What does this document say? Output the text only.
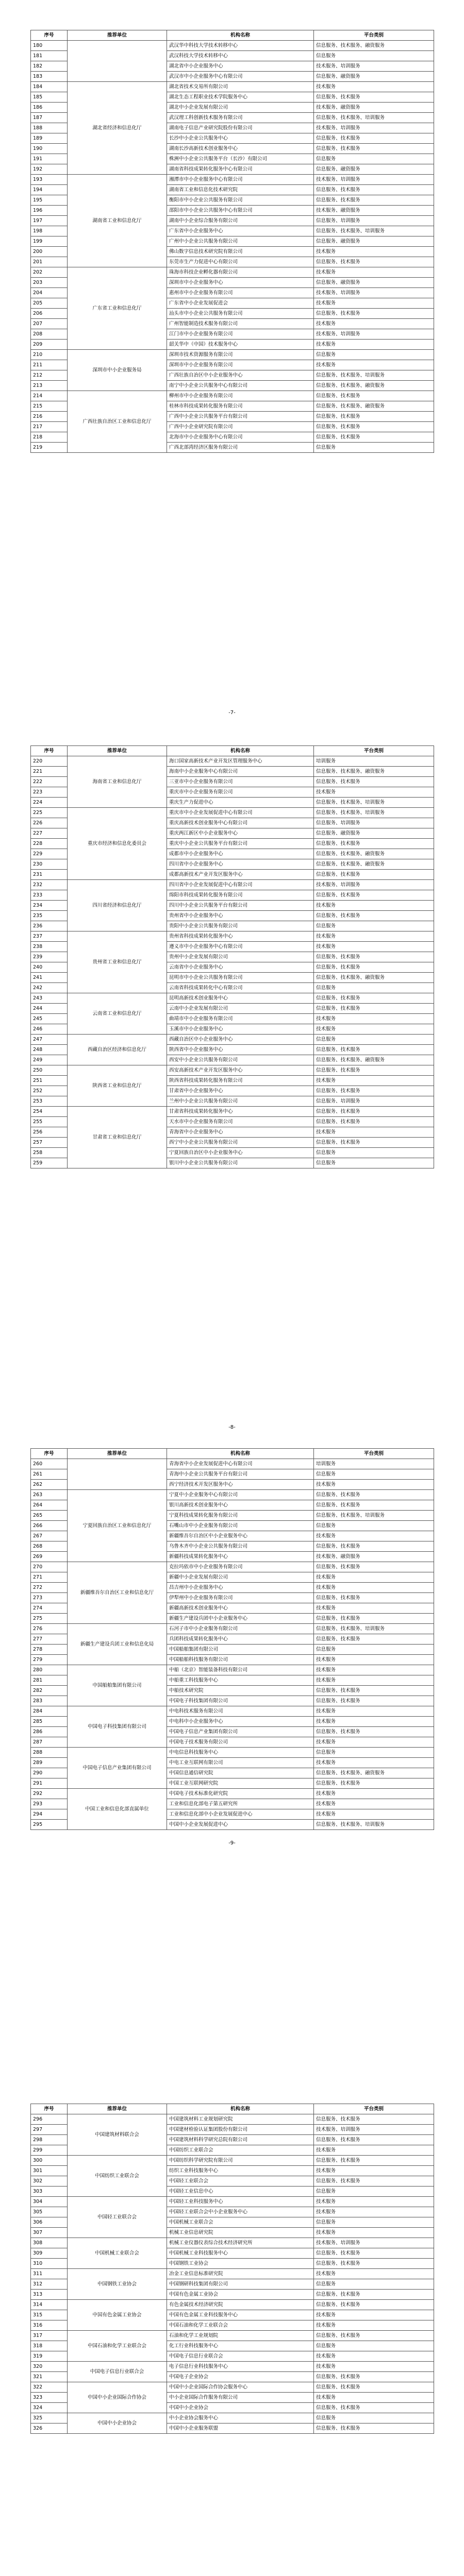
序号	推荐单位	机构名称	平台类别
180		武汉华中科技大学技术转移中心	信息服务、技术服务、融资服务
181		武汉科技大学技术转移中心	信息服务
182		湖北省中小企业服务中心	技术服务、培训服务
183		武汉市中小企业服务中心有限公司	信息服务、融资服务
184	湖北省经济和信息化厅	湖北省技术交易所有限公司	技术服务
185		湖北生态工程职业技术学院服务中心	信息服务、技术服务
186		湖北中小企业发展有限公司	技术服务、融资服务
187		武汉理工科创新技术服务有限公司	信息服务、技术服务、培训服务
188		湖南电子信息产业研究院股份有限公司	技术服务、培训服务
189		长沙中小企业公共服务中心	信息服务、技术服务
190		湖南长沙高新技术创业服务中心	信息服务、技术服务
191		株洲中小企业公共服务平台（长沙）有限公司	信息服务
192		湖南省科技成果转化服务中心有限公司	信息服务、融资服务
193	湖南省工业和信息化厅	湘潭市中小企业服务中心有限公司	技术服务、培训服务
194		湖南省工业和信息化技术研究院	信息服务、技术服务
195		衡阳市中小企业公共服务有限公司	信息服务、技术服务
196		邵阳市中小企业公共服务中心有限公司	技术服务、融资服务
197		湖南中小企业综合服务有限公司	信息服务、培训服务
198		广东省中小企业服务中心	信息服务、技术服务、培训服务
199		广州中小企业公共服务有限公司	信息服务、融资服务
200		佛山数字信息技术研究院有限公司	技术服务
201		东莞市生产力促进中心有限公司	信息服务、技术服务
202	广东省工业和信息化厅	珠海市科技企业孵化器有限公司	技术服务
203		深圳市中小企业服务中心	信息服务、融资服务
204		惠州市中小企业服务有限公司	技术服务、培训服务
205		广东省中小企业发展促进会	技术服务
206		汕头市中小企业公共服务有限公司	信息服务、技术服务
207		广州智能制造技术服务有限公司	技术服务
208		江门市中小企业服务有限公司	技术服务、培训服务
209		韶关华中（中国）技术服务中心	技术服务
210	深圳市中小企业服务局	深圳市技术资源服务有限公司	信息服务
211		深圳市中小企业服务有限公司	技术服务
212		广西壮族自治区中小企业服务中心	信息服务、技术服务、培训服务
213		南宁中小企业公共服务中心有限公司	信息服务、技术服务、融资服务
214	广西壮族自治区工业和信息化厅	柳州市中小企业服务有限公司	信息服务、技术服务
215		桂林市科技成果转化服务有限公司	信息服务、技术服务、融资服务
216		广西中小企业公共服务平台有限公司	信息服务、技术服务
217		广西中小企业研究院有限公司	信息服务、技术服务
218		北海市中小企业服务中心有限公司	信息服务、技术服务
219		广西北部湾经济区服务有限公司	信息服务
-7-
序号	推荐单位	机构名称	平台类别
220	海南省工业和信息化厅	海口国家高新技术产业开发区管理服务中心	培训服务
221		海南中小企业服务中心有限公司	信息服务、技术服务、融资服务
222		三亚市中小企业服务有限公司	信息服务、技术服务
223		重庆市中小企业服务有限公司	技术服务
224		重庆生产力促进中心	信息服务、技术服务、培训服务
225	重庆市经济和信息化委员会	重庆市中小企业发展促进中心有限公司	信息服务、技术服务、培训服务
226		重庆高新技术创业服务中心有限公司	信息服务、培训服务
227		重庆两江新区中小企业服务中心	信息服务、融资服务
228		重庆中小企业公共服务平台有限公司	信息服务、技术服务
229		成都市中小企业服务中心	信息服务、技术服务、融资服务
230		四川省中小企业服务中心	信息服务、技术服务、融资服务
231		成都高新技术产业开发区服务中心	信息服务、技术服务
232	四川省经济和信息化厅	四川省中小企业发展促进中心有限公司	技术服务、培训服务
233		绵阳市科技成果转化服务有限公司	信息服务、技术服务
234		四川中小企业公共服务平台有限公司	技术服务
235		贵州省中小企业服务中心	信息服务、技术服务
236		贵阳中小企业公共服务有限公司	信息服务
237	贵州省工业和信息化厅	贵州省科技成果转化服务中心	技术服务
238		遵义市中小企业服务中心有限公司	技术服务
239		贵州中小企业发展有限公司	信息服务、技术服务
240		云南省中小企业服务中心	信息服务、技术服务
241		昆明市中小企业公共服务有限公司	信息服务、技术服务、融资服务
242		云南省科技成果转化中心有限公司	信息服务
243	云南省工业和信息化厅	昆明高新技术创业服务中心	信息服务、技术服务
244		云南中小企业发展有限公司	信息服务、技术服务
245		曲靖市中小企业服务有限公司	技术服务
246		玉溪市中小企业服务中心	技术服务
247	西藏自治区经济和信息化厅	西藏自治区中小企业服务中心	信息服务
248		陕西省中小企业服务中心	信息服务、技术服务
249		西安中小企业公共服务有限公司	信息服务、技术服务、融资服务
250	陕西省工业和信息化厅	西安高新技术产业开发区服务中心	信息服务、技术服务
251		陕西省科技成果转化服务有限公司	技术服务
252		甘肃省中小企业服务中心	信息服务、技术服务
253		兰州中小企业公共服务有限公司	信息服务、培训服务
254	甘肃省工业和信息化厅	甘肃省科技成果转化服务中心	信息服务、技术服务
255		天水市中小企业服务有限公司	信息服务、技术服务
256		青海省中小企业服务中心	技术服务
257		西宁中小企业公共服务有限公司	信息服务、技术服务
258		宁夏回族自治区中小企业服务中心	信息服务
259		银川中小企业公共服务有限公司	信息服务
-8-
序号	推荐单位	机构名称	平台类别
260		青海省中小企业发展促进中心有限公司	培训服务
261		青海中小企业公共服务平台有限公司	信息服务
262		西宁经济技术开发区服务中心	技术服务
263	宁夏回族自治区工业和信息化厅	宁夏中小企业服务中心有限公司	信息服务、技术服务
264		银川高新技术创业服务中心	信息服务、技术服务
265		宁夏科技成果转化服务有限公司	信息服务、技术服务、培训服务
266		石嘴山市中小企业服务有限公司	信息服务
267		新疆维吾尔自治区中小企业服务中心	技术服务
268		乌鲁木齐中小企业公共服务有限公司	信息服务、技术服务
269		新疆科技成果转化服务中心	技术服务、融资服务
270	新疆维吾尔自治区工业和信息化厅	克拉玛依市中小企业服务有限公司	信息服务、技术服务
271		新疆中小企业发展有限公司	技术服务
272		昌吉州中小企业服务中心	技术服务
273		伊犁州中小企业服务有限公司	信息服务、技术服务
274		新疆高新技术创业服务中心	技术服务
275		新疆生产建设兵团中小企业服务中心	信息服务、技术服务
276	新疆生产建设兵团工业和信息化局	石河子市中小企业服务有限公司	信息服务、技术服务、培训服务
277		兵团科技成果转化服务中心	信息服务、技术服务
278		中国船舶集团有限公司	信息服务
279		中国船舶科技服务有限公司	技术服务
280	中国船舶集团有限公司	中船（北京）智能装备科技有限公司	技术服务
281		中船重工科技服务中心	技术服务
282		中船技术研究院	信息服务、技术服务
283		中国电子科技集团有限公司	信息服务、技术服务
284	中国电子科技集团有限公司	中电科技术服务有限公司	技术服务
285		中电科中小企业服务中心	技术服务
286		中国电子信息产业集团有限公司	信息服务、技术服务
287		中国电子技术服务有限公司	技术服务
288	中国电子信息产业集团有限公司	中电信息科技服务中心	信息服务
289		中电工业互联网有限公司	技术服务
290		中国信息通信研究院	信息服务、技术服务、融资服务
291		中国工业互联网研究院	信息服务、技术服务
292	中国工业和信息化部直属单位	中国电子技术标准化研究院	技术服务
293		工业和信息化部电子第五研究所	技术服务
294		工业和信息化部中小企业发展促进中心	技术服务
295		中国中小企业发展促进中心	信息服务、技术服务、培训服务
-9-
序号	推荐单位	机构名称	平台类别
296	中国建筑材料联合会	中国建筑材料工业规划研究院	信息服务、技术服务
297		中国建材检验认证集团股份有限公司	技术服务、培训服务
298		中国建筑材料科学研究总院有限公司	信息服务、技术服务
299		中国纺织工业联合会	技术服务
300	中国纺织工业联合会	中国纺织科学研究院有限公司	信息服务、技术服务
301		纺织工业科技服务中心	技术服务
302		中国轻工业联合会	信息服务、技术服务
303		中国轻工业信息中心	信息服务
304	中国轻工业联合会	中国轻工业科技服务中心	技术服务
305		中国轻工业联合会中小企业服务中心	技术服务
306		中国机械工业联合会	信息服务
307		机械工业信息研究院	技术服务
308	中国机械工业联合会	机械工业仪器仪表综合技术经济研究所	技术服务、培训服务
309		中国机械工业科技服务中心	信息服务、技术服务
310		中国钢铁工业协会	信息服务、技术服务
311	中国钢铁工业协会	冶金工业信息标准研究院	技术服务
312		中国钢研科技集团有限公司	信息服务
313		中国有色金属工业协会	信息服务、技术服务
314	中国有色金属工业协会	有色金属技术经济研究院	信息服务、技术服务
315		中国有色金属工业科技服务中心	技术服务
316		中国石油和化学工业联合会	技术服务
317	中国石油和化学工业联合会	石油和化学工业规划院	信息服务、技术服务
318		化工行业科技服务中心	信息服务
319		中国电子信息行业联合会	技术服务
320	中国电子信息行业联合会	电子信息行业科技服务中心	技术服务
321		中国电子企业协会	信息服务、技术服务
322	中国中小企业国际合作协会	中国中小企业国际合作协会服务中心	信息服务、技术服务
323		中小企业国际合作服务有限公司	技术服务
324		中国中小企业协会	信息服务、技术服务
325	中国中小企业协会	中小企业协会服务中心	信息服务
326		中国中小企业服务联盟	信息服务、技术服务
